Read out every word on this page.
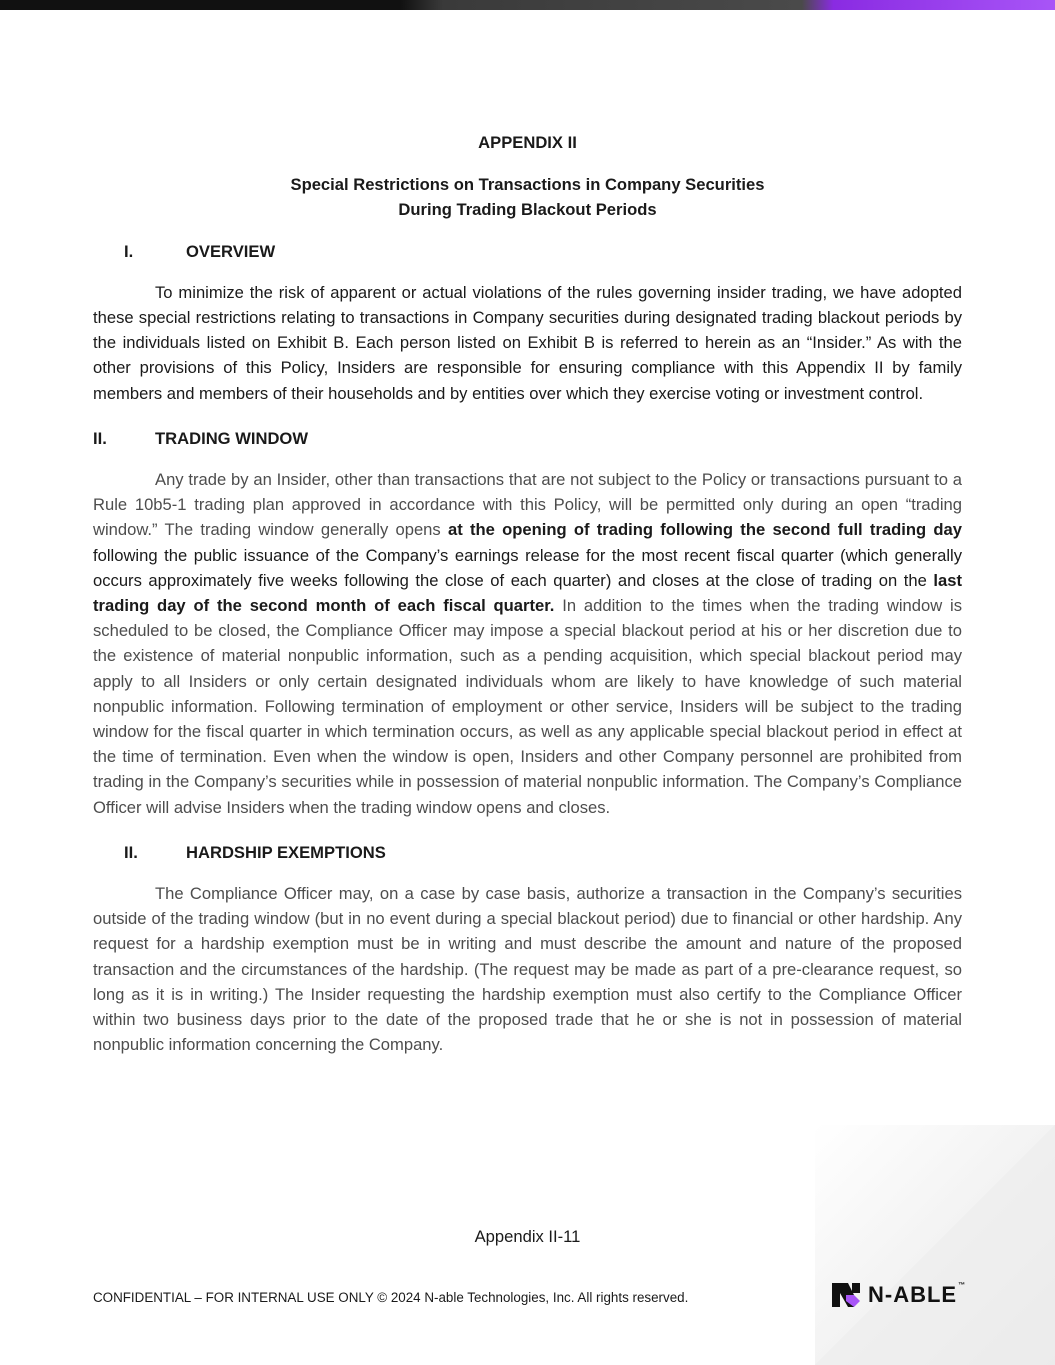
APPENDIX II
Special Restrictions on Transactions in Company Securities
During Trading Blackout Periods
I.	OVERVIEW

To minimize the risk of apparent or actual violations of the rules governing insider trading, we have adopted these special restrictions relating to transactions in Company securities during designated trading blackout periods by the individuals listed on Exhibit B. Each person listed on Exhibit B is referred to herein as an “Insider.” As with the other provisions of this Policy, Insiders are responsible for ensuring compliance with this Appendix II by family members and members of their households and by entities over which they exercise voting or investment control.

II.	TRADING WINDOW

Any trade by an Insider, other than transactions that are not subject to the Policy or transactions pursuant to a Rule 10b5-1 trading plan approved in accordance with this Policy, will be permitted only during an open “trading window.” The trading window generally opens at the opening of trading following the second full trading day following the public issuance of the Company’s earnings release for the most recent fiscal quarter (which generally occurs approximately five weeks following the close of each quarter) and closes at the close of trading on the last trading day of the second month of each fiscal quarter. In addition to the times when the trading window is scheduled to be closed, the Compliance Officer may impose a special blackout period at his or her discretion due to the existence of material nonpublic information, such as a pending acquisition, which special blackout period may apply to all Insiders or only certain designated individuals whom are likely to have knowledge of such material nonpublic information. Following termination of employment or other service, Insiders will be subject to the trading window for the fiscal quarter in which termination occurs, as well as any applicable special blackout period in effect at the time of termination. Even when the window is open, Insiders and other Company personnel are prohibited from trading in the Company’s securities while in possession of material nonpublic information. The Company’s Compliance Officer will advise Insiders when the trading window opens and closes.

II.	HARDSHIP EXEMPTIONS

The Compliance Officer may, on a case by case basis, authorize a transaction in the Company’s securities outside of the trading window (but in no event during a special blackout period) due to financial or other hardship. Any request for a hardship exemption must be in writing and must describe the amount and nature of the proposed transaction and the circumstances of the hardship. (The request may be made as part of a pre-clearance request, so long as it is in writing.) The Insider requesting the hardship exemption must also certify to the Compliance Officer within two business days prior to the date of the proposed trade that he or she is not in possession of material nonpublic information concerning the Company.

Appendix II-11
CONFIDENTIAL – FOR INTERNAL USE ONLY © 2024 N-able Technologies, Inc. All rights reserved.	N-ABLE™
